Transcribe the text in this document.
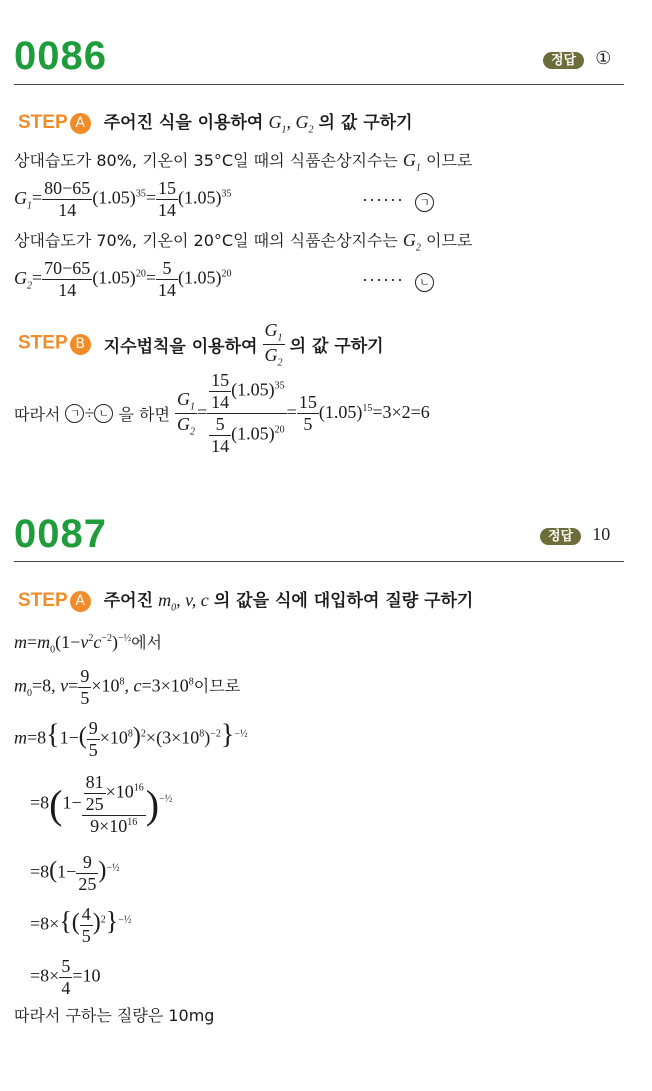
0086	정답 ①
STEP A 주어진 식을 이용하여 $G_1$, $G_2$ 의 값 구하기
상대습도가 80%, 기온이 35°C일 때의 식품손상지수는 $G_1$ 이므로
$G_1= \frac{80-65}{14} (1.05)^{35}= \frac{15}{14} (1.05)^{35}$	······ ㄱ
상대습도가 70%, 기온이 20°C일 때의 식품손상지수는 $G_2$ 이므로
$G_2= \frac{70-65}{14} (1.05)^{20}= \frac{5}{14} (1.05)^{20}$	······ ㄴ
STEP B 지수법칙을 이용하여 $\frac{G_1}{G_2}$ 의 값 구하기
따라서 ㄱ ÷ ㄴ 을 하면 $\frac{G_1}{G_2} = \frac{\frac{15}{14} (1.05)^{35}}{\frac{5}{14} (1.05)^{20}} = \frac{15}{5} (1.05)^{15}=3\times 2=6$
0087	정답 10
STEP A 주어진 $m_0$, v, c 의 값을 식에 대입하여 질량 구하기
$m=m_0(1-v^2c^{-2})^{-\frac{1}{2}}$에서
$m_0=8$, $v= \frac{9}{5} \times 10^8$, $c=3\times 10^8$이므로
$m=8\{1-( \frac{9}{5} \times 10^8)^2\times(3\times 10^8)^{-2}\}^{-\frac{1}{2}}$
$=8(1- \frac{\frac{81}{25} \times 10^{16}}{9\times 10^{16}} )^{-\frac{1}{2}}$
$=8(1- \frac{9}{25} )^{-\frac{1}{2}}$
$=8\times\{( \frac{4}{5} )^2\}^{-\frac{1}{2}}$
$=8\times \frac{5}{4} =10$
따라서 구하는 질량은 10mg
